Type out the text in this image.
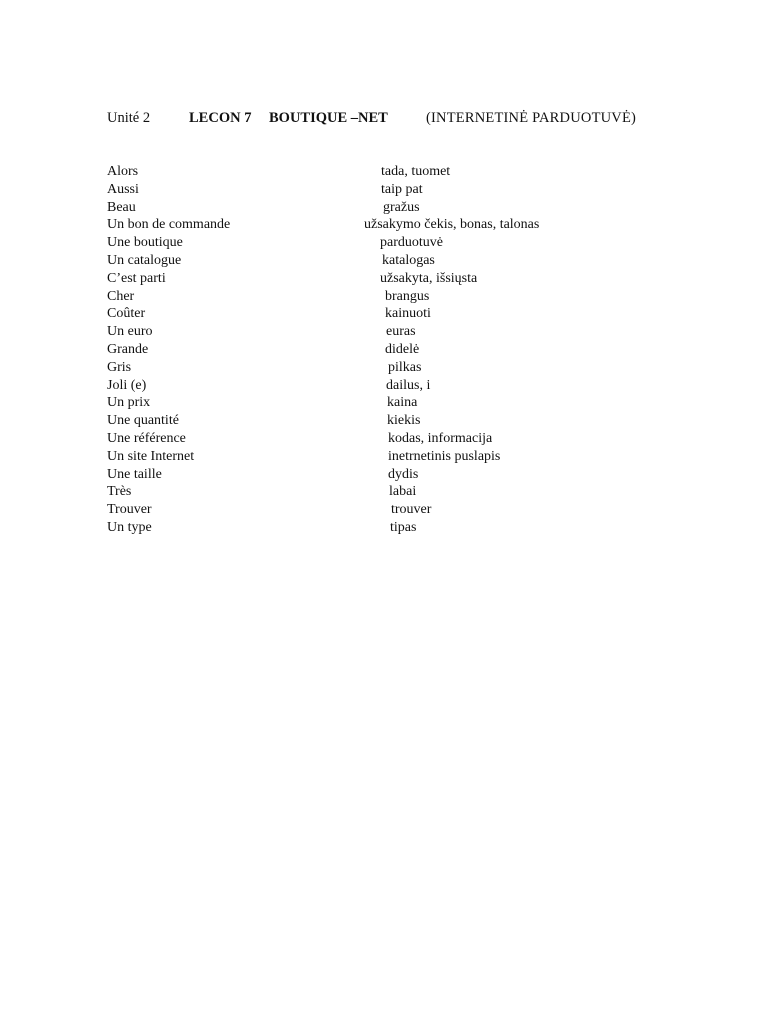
Unité 2	LECON 7 BOUTIQUE –NET	(INTERNETINĖ PARDUOTUVĖ)
Alors	tada, tuomet
Aussi	taip pat
Beau	gražus
Un bon de commande	užsakymo čekis, bonas, talonas
Une boutique	parduotuvė
Un catalogue	katalogas
C’est parti	užsakyta, išsiųsta
Cher	brangus
Coûter	kainuoti
Un euro	euras
Grande	didelė
Gris	pilkas
Joli (e)	dailus, i
Un prix	kaina
Une quantité	kiekis
Une référence	kodas, informacija
Un site Internet	inetrnetinis puslapis
Une taille	dydis
Très	labai
Trouver	trouver
Un type	tipas
